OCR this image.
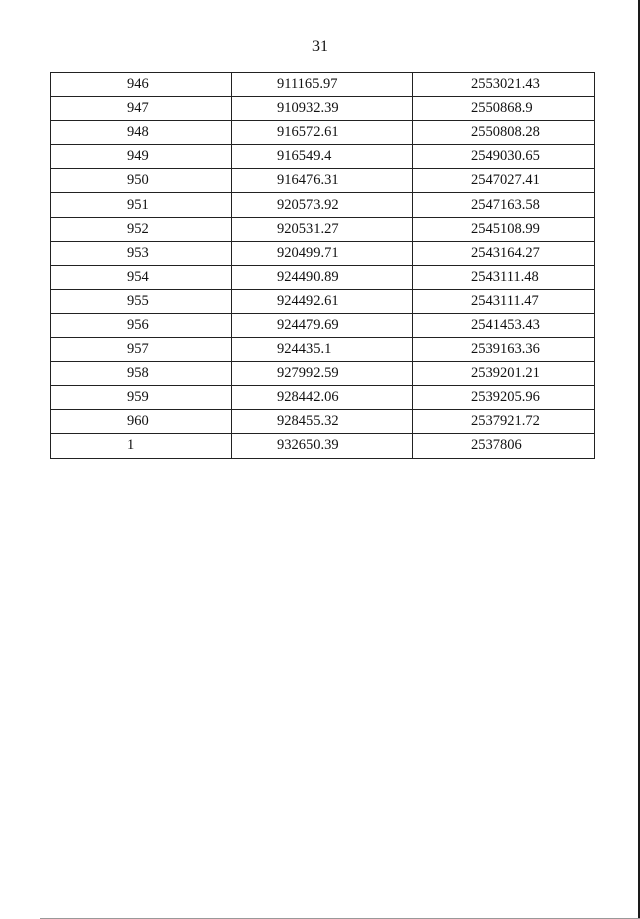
31
946	911165.97	2553021.43
947	910932.39	2550868.9
948	916572.61	2550808.28
949	916549.4	2549030.65
950	916476.31	2547027.41
951	920573.92	2547163.58
952	920531.27	2545108.99
953	920499.71	2543164.27
954	924490.89	2543111.48
955	924492.61	2543111.47
956	924479.69	2541453.43
957	924435.1	2539163.36
958	927992.59	2539201.21
959	928442.06	2539205.96
960	928455.32	2537921.72
1	932650.39	2537806
